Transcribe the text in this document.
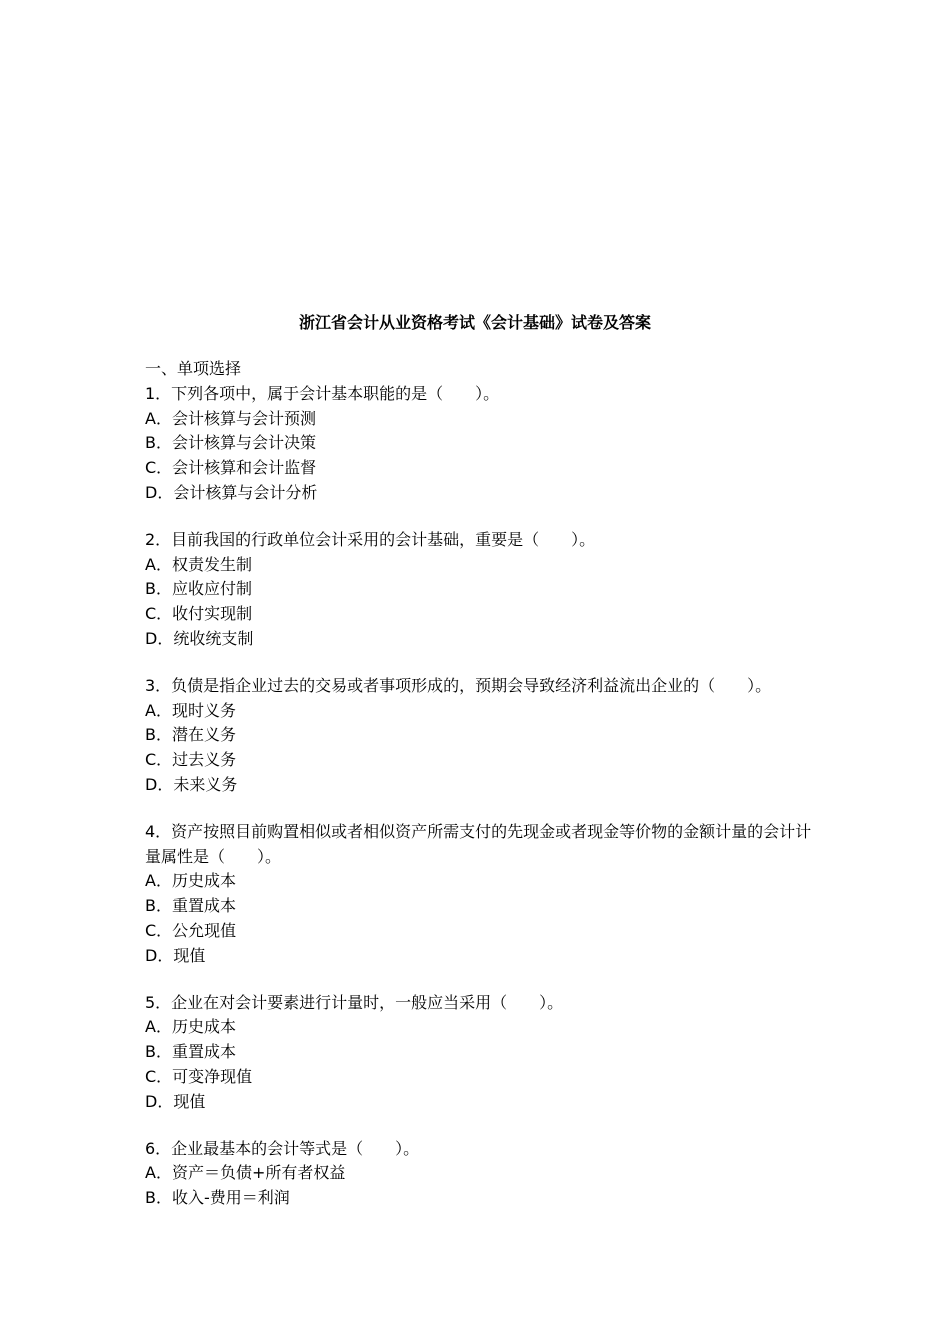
浙江省会计从业资格考试《会计基础》试卷及答案

一、单项选择

1．下列各项中，属于会计基本职能的是（　　）。

A．会计核算与会计预测

B．会计核算与会计决策

C．会计核算和会计监督

D．会计核算与会计分析

2．目前我国的行政单位会计采用的会计基础，重要是（　　）。

A．权责发生制

B．应收应付制

C．收付实现制

D．统收统支制

3．负债是指企业过去的交易或者事项形成的，预期会导致经济利益流出企业的（　　）。

A．现时义务

B．潜在义务

C．过去义务

D．未来义务

4．资产按照目前购置相似或者相似资产所需支付的先现金或者现金等价物的金额计量的会计计量属性是（　　）。

A．历史成本

B．重置成本

C．公允现值

D．现值

5．企业在对会计要素进行计量时，一般应当采用（　　）。

A．历史成本

B．重置成本

C．可变净现值

D．现值

6．企业最基本的会计等式是（　　）。

A．资产＝负债+所有者权益

B．收入-费用＝利润
